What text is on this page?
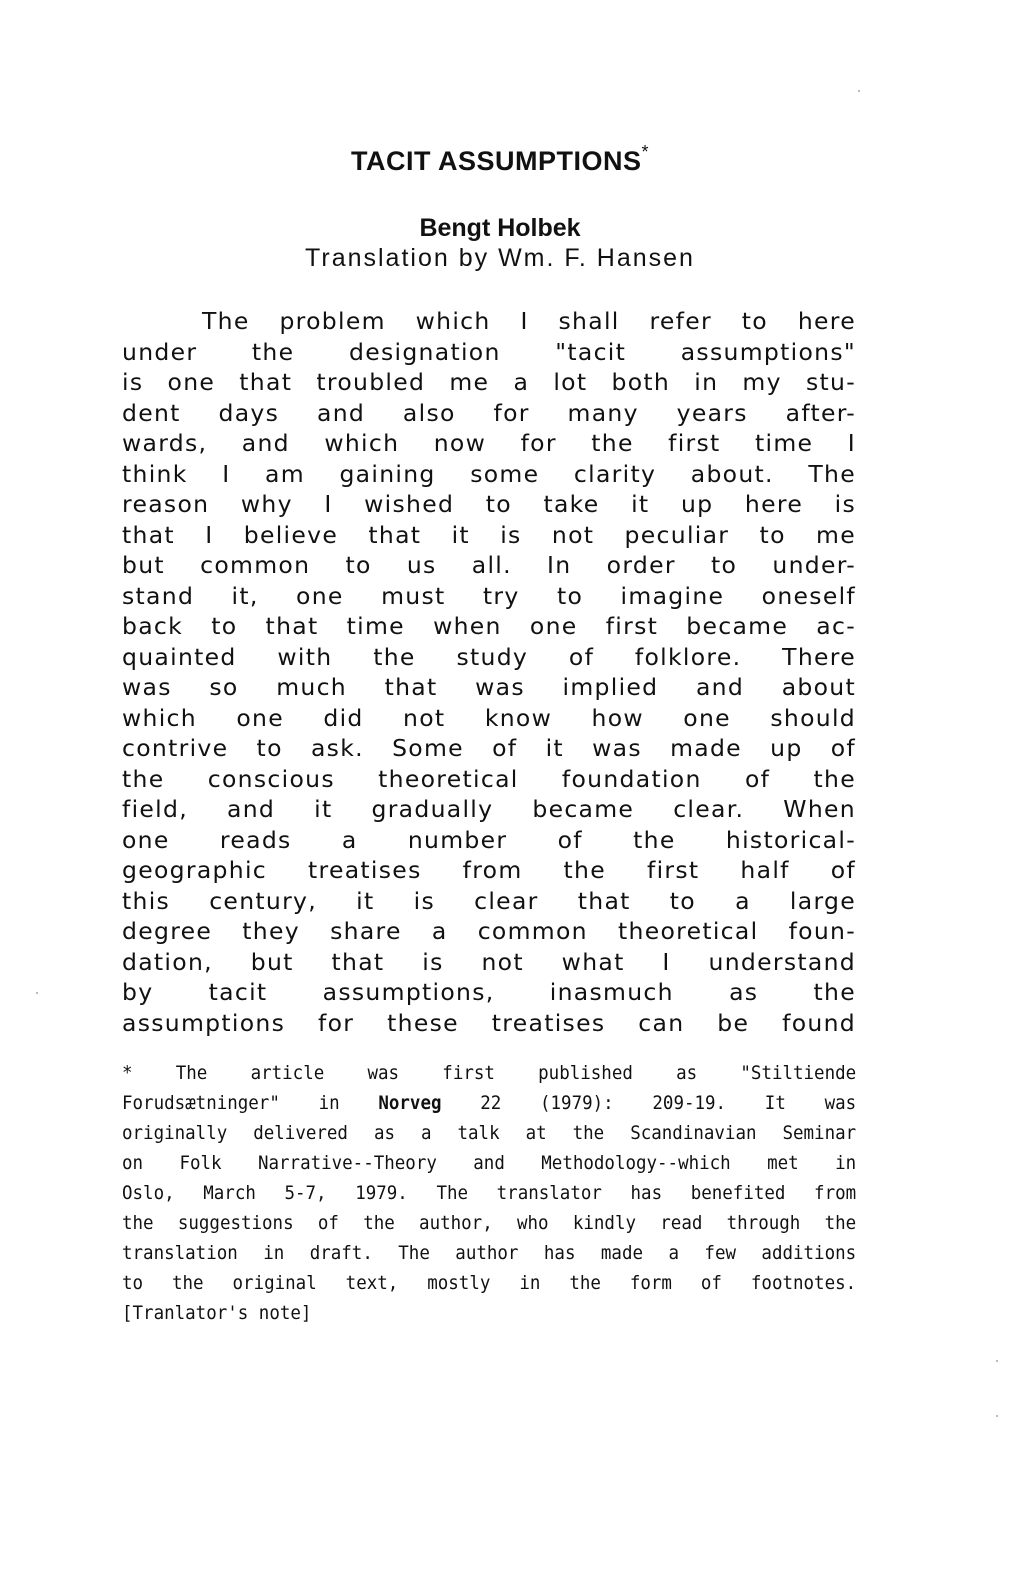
TACIT ASSUMPTIONS*
Bengt Holbek
Translation by Wm. F. Hansen
The problem which I shall refer to here
under the designation "tacit assumptions"
is one that troubled me a lot both in my stu-
dent days and also for many years after-
wards, and which now for the first time I
think I am gaining some clarity about. The
reason why I wished to take it up here is
that I believe that it is not peculiar to me
but common to us all. In order to under-
stand it, one must try to imagine oneself
back to that time when one first became ac-
quainted with the study of folklore. There
was so much that was implied and about
which one did not know how one should
contrive to ask. Some of it was made up of
the conscious theoretical foundation of the
field, and it gradually became clear. When
one reads a number of the historical-
geographic treatises from the first half of
this century, it is clear that to a large
degree they share a common theoretical foun-
dation, but that is not what I understand
by tacit assumptions, inasmuch as the
assumptions for these treatises can be found
* The article was first published as "Stiltiende
Forudsætninger" in Norveg 22 (1979): 209-19. It was
originally delivered as a talk at the Scandinavian Seminar
on Folk Narrative--Theory and Methodology--which met in
Oslo, March 5-7, 1979. The translator has benefited from
the suggestions of the author, who kindly read through the
translation in draft. The author has made a few additions
to the original text, mostly in the form of footnotes.
[Tranlator's note]
